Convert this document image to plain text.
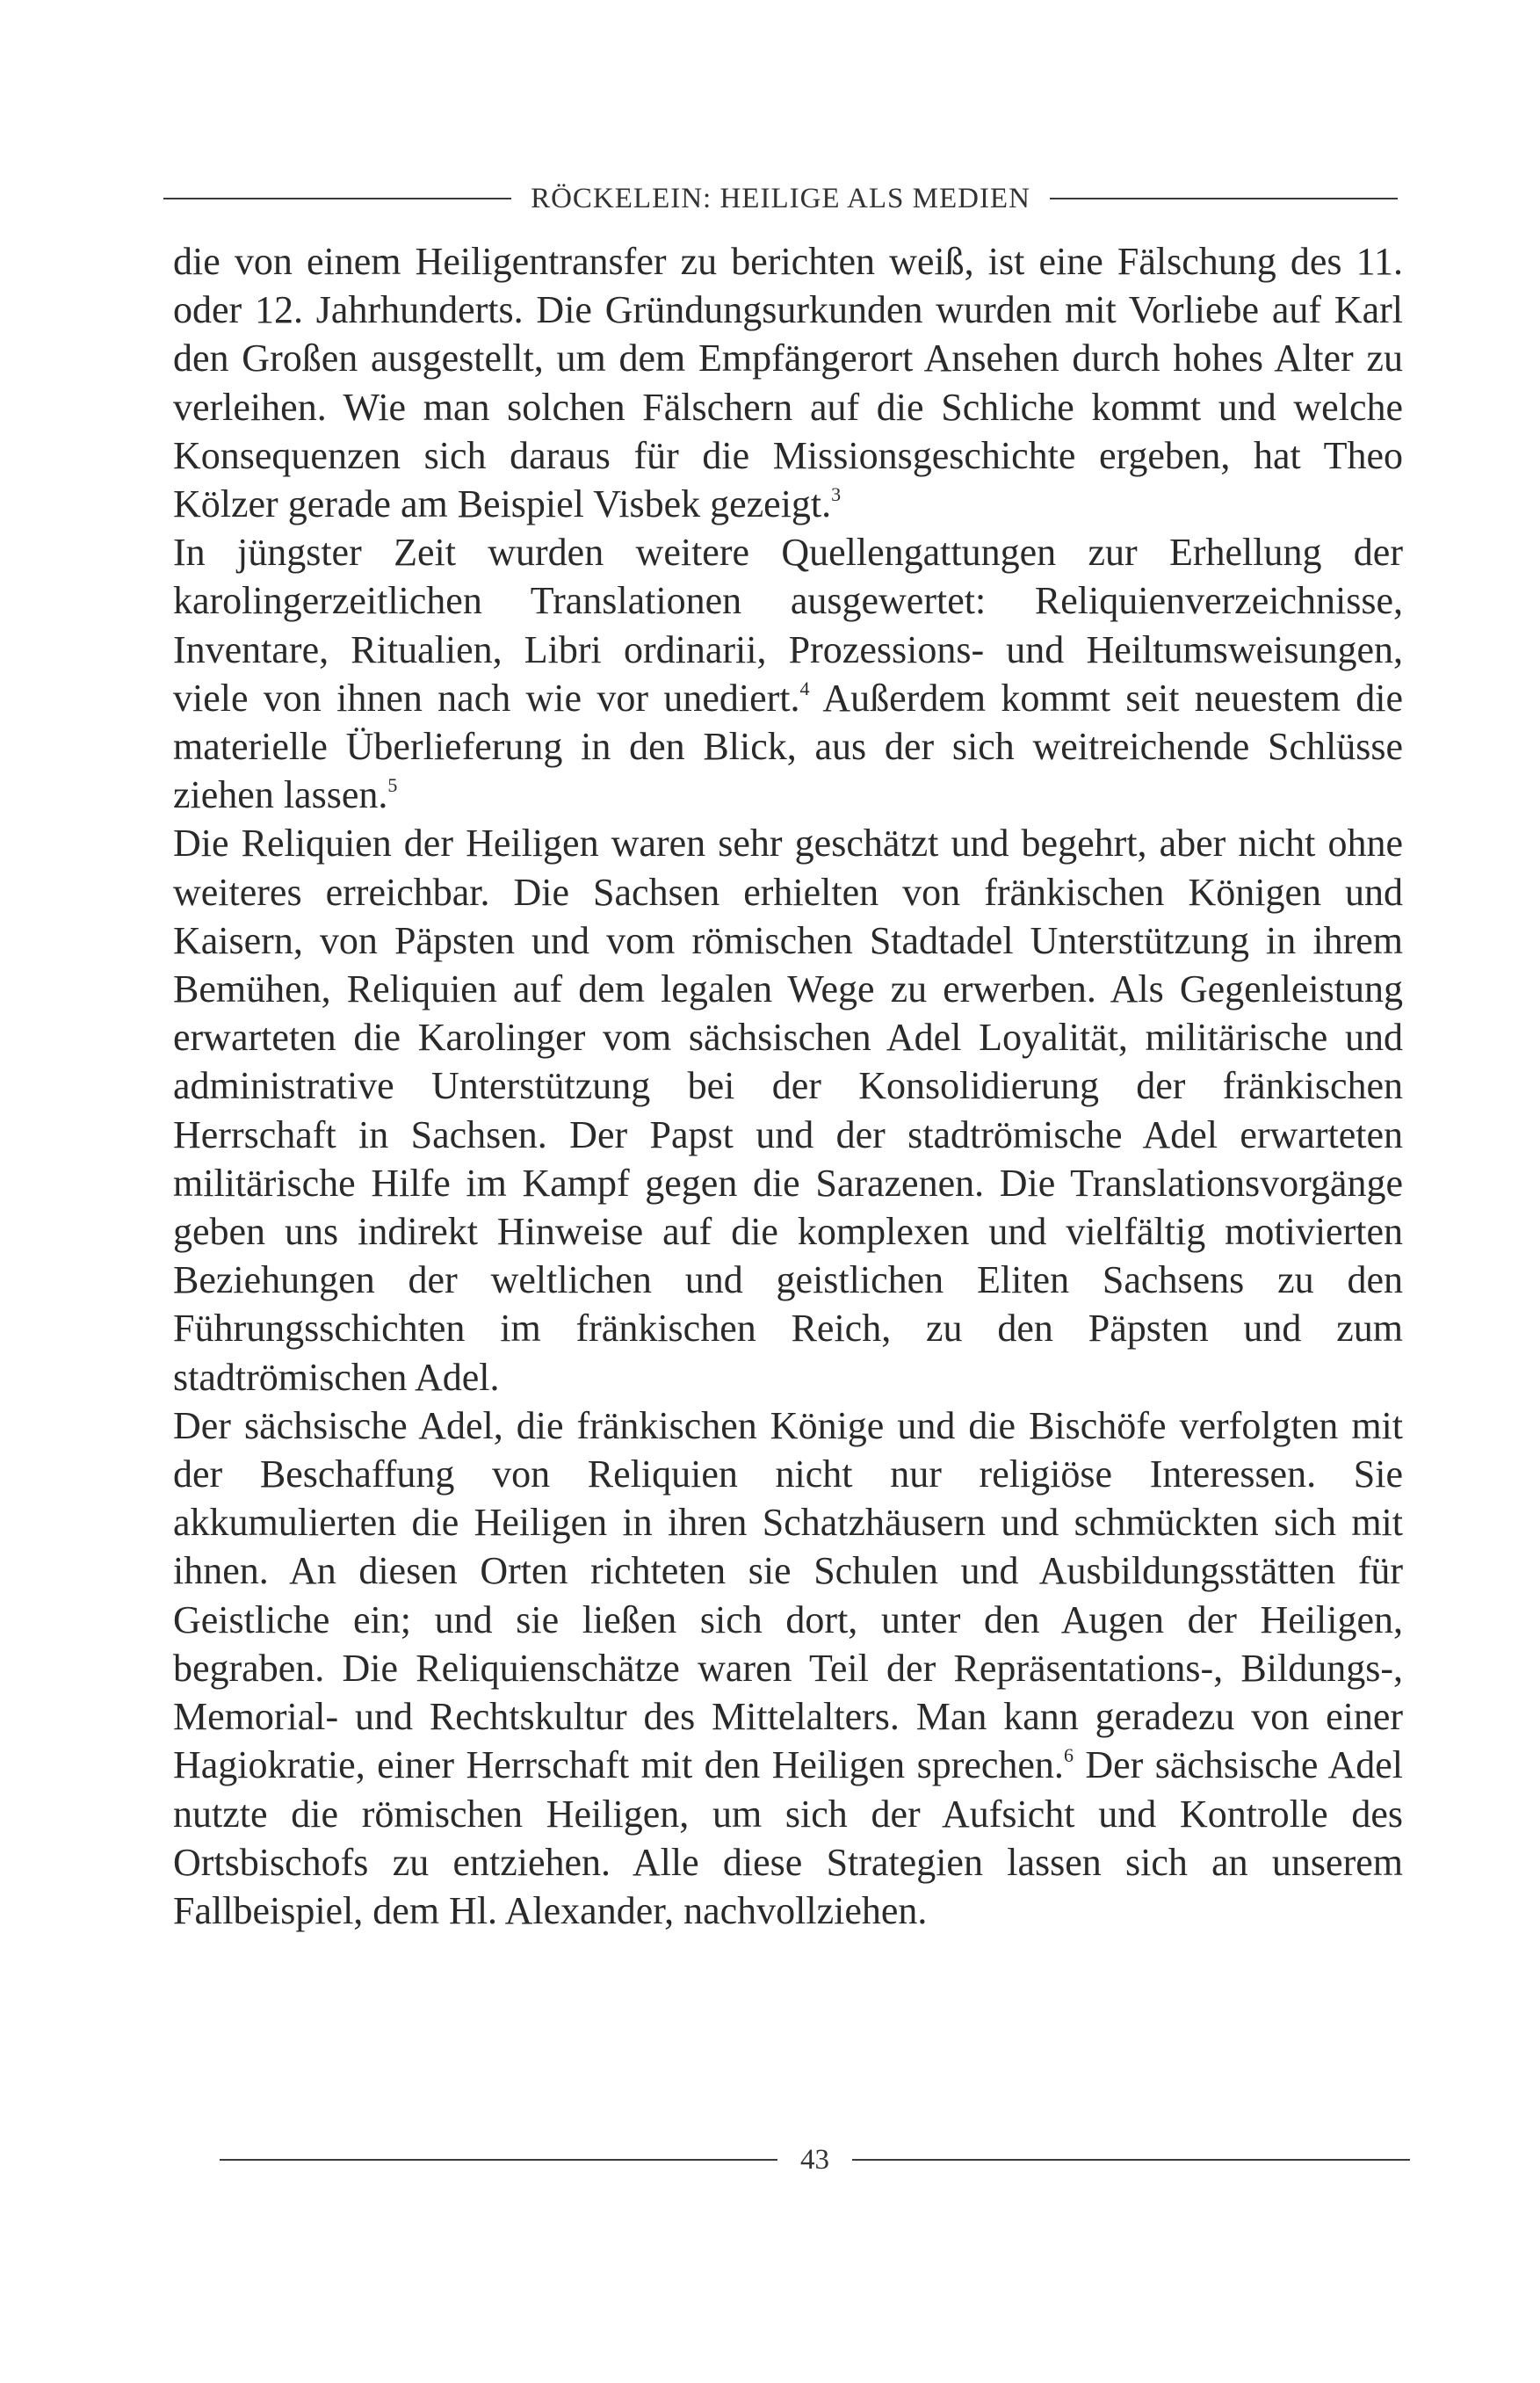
RÖCKELEIN: HEILIGE ALS MEDIEN

die von einem Heiligentransfer zu berichten weiß, ist eine Fälschung des 11. oder 12. Jahrhunderts. Die Gründungsurkunden wurden mit Vorliebe auf Karl den Großen ausgestellt, um dem Empfängerort Ansehen durch hohes Alter zu verleihen. Wie man solchen Fälschern auf die Schliche kommt und welche Konsequenzen sich daraus für die Missionsgeschichte ergeben, hat Theo Kölzer gerade am Beispiel Visbek gezeigt.$^3$

In jüngster Zeit wurden weitere Quellengattungen zur Erhellung der karolingerzeitlichen Translationen ausgewertet: Reliquienverzeichnisse, Inventare, Ritualien, Libri ordinarii, Prozessions- und Heiltumsweisungen, viele von ihnen nach wie vor unediert.$^4$ Außerdem kommt seit neuestem die materielle Überlieferung in den Blick, aus der sich weitreichende Schlüsse ziehen lassen.$^5$

Die Reliquien der Heiligen waren sehr geschätzt und begehrt, aber nicht ohne weiteres erreichbar. Die Sachsen erhielten von fränkischen Königen und Kaisern, von Päpsten und vom römischen Stadtadel Unterstützung in ihrem Bemühen, Reliquien auf dem legalen Wege zu erwerben. Als Gegenleistung erwarteten die Karolinger vom sächsischen Adel Loyalität, militärische und administrative Unterstützung bei der Konsolidierung der fränkischen Herrschaft in Sachsen. Der Papst und der stadtrömische Adel erwarteten militärische Hilfe im Kampf gegen die Sarazenen. Die Translationsvorgänge geben uns indirekt Hinweise auf die komplexen und vielfältig motivierten Beziehungen der weltlichen und geistlichen Eliten Sachsens zu den Führungsschichten im fränkischen Reich, zu den Päpsten und zum stadtrömischen Adel.

Der sächsische Adel, die fränkischen Könige und die Bischöfe verfolgten mit der Beschaffung von Reliquien nicht nur religiöse Interessen. Sie akkumulierten die Heiligen in ihren Schatzhäusern und schmückten sich mit ihnen. An diesen Orten richteten sie Schulen und Ausbildungsstätten für Geistliche ein; und sie ließen sich dort, unter den Augen der Heiligen, begraben. Die Reliquienschätze waren Teil der Repräsentations-, Bildungs-, Memorial- und Rechtskultur des Mittelalters. Man kann geradezu von einer Hagiokratie, einer Herrschaft mit den Heiligen sprechen.$^6$ Der sächsische Adel nutzte die römischen Heiligen, um sich der Aufsicht und Kontrolle des Ortsbischofs zu entziehen. Alle diese Strategien lassen sich an unserem Fallbeispiel, dem Hl. Alexander, nachvollziehen.

43
